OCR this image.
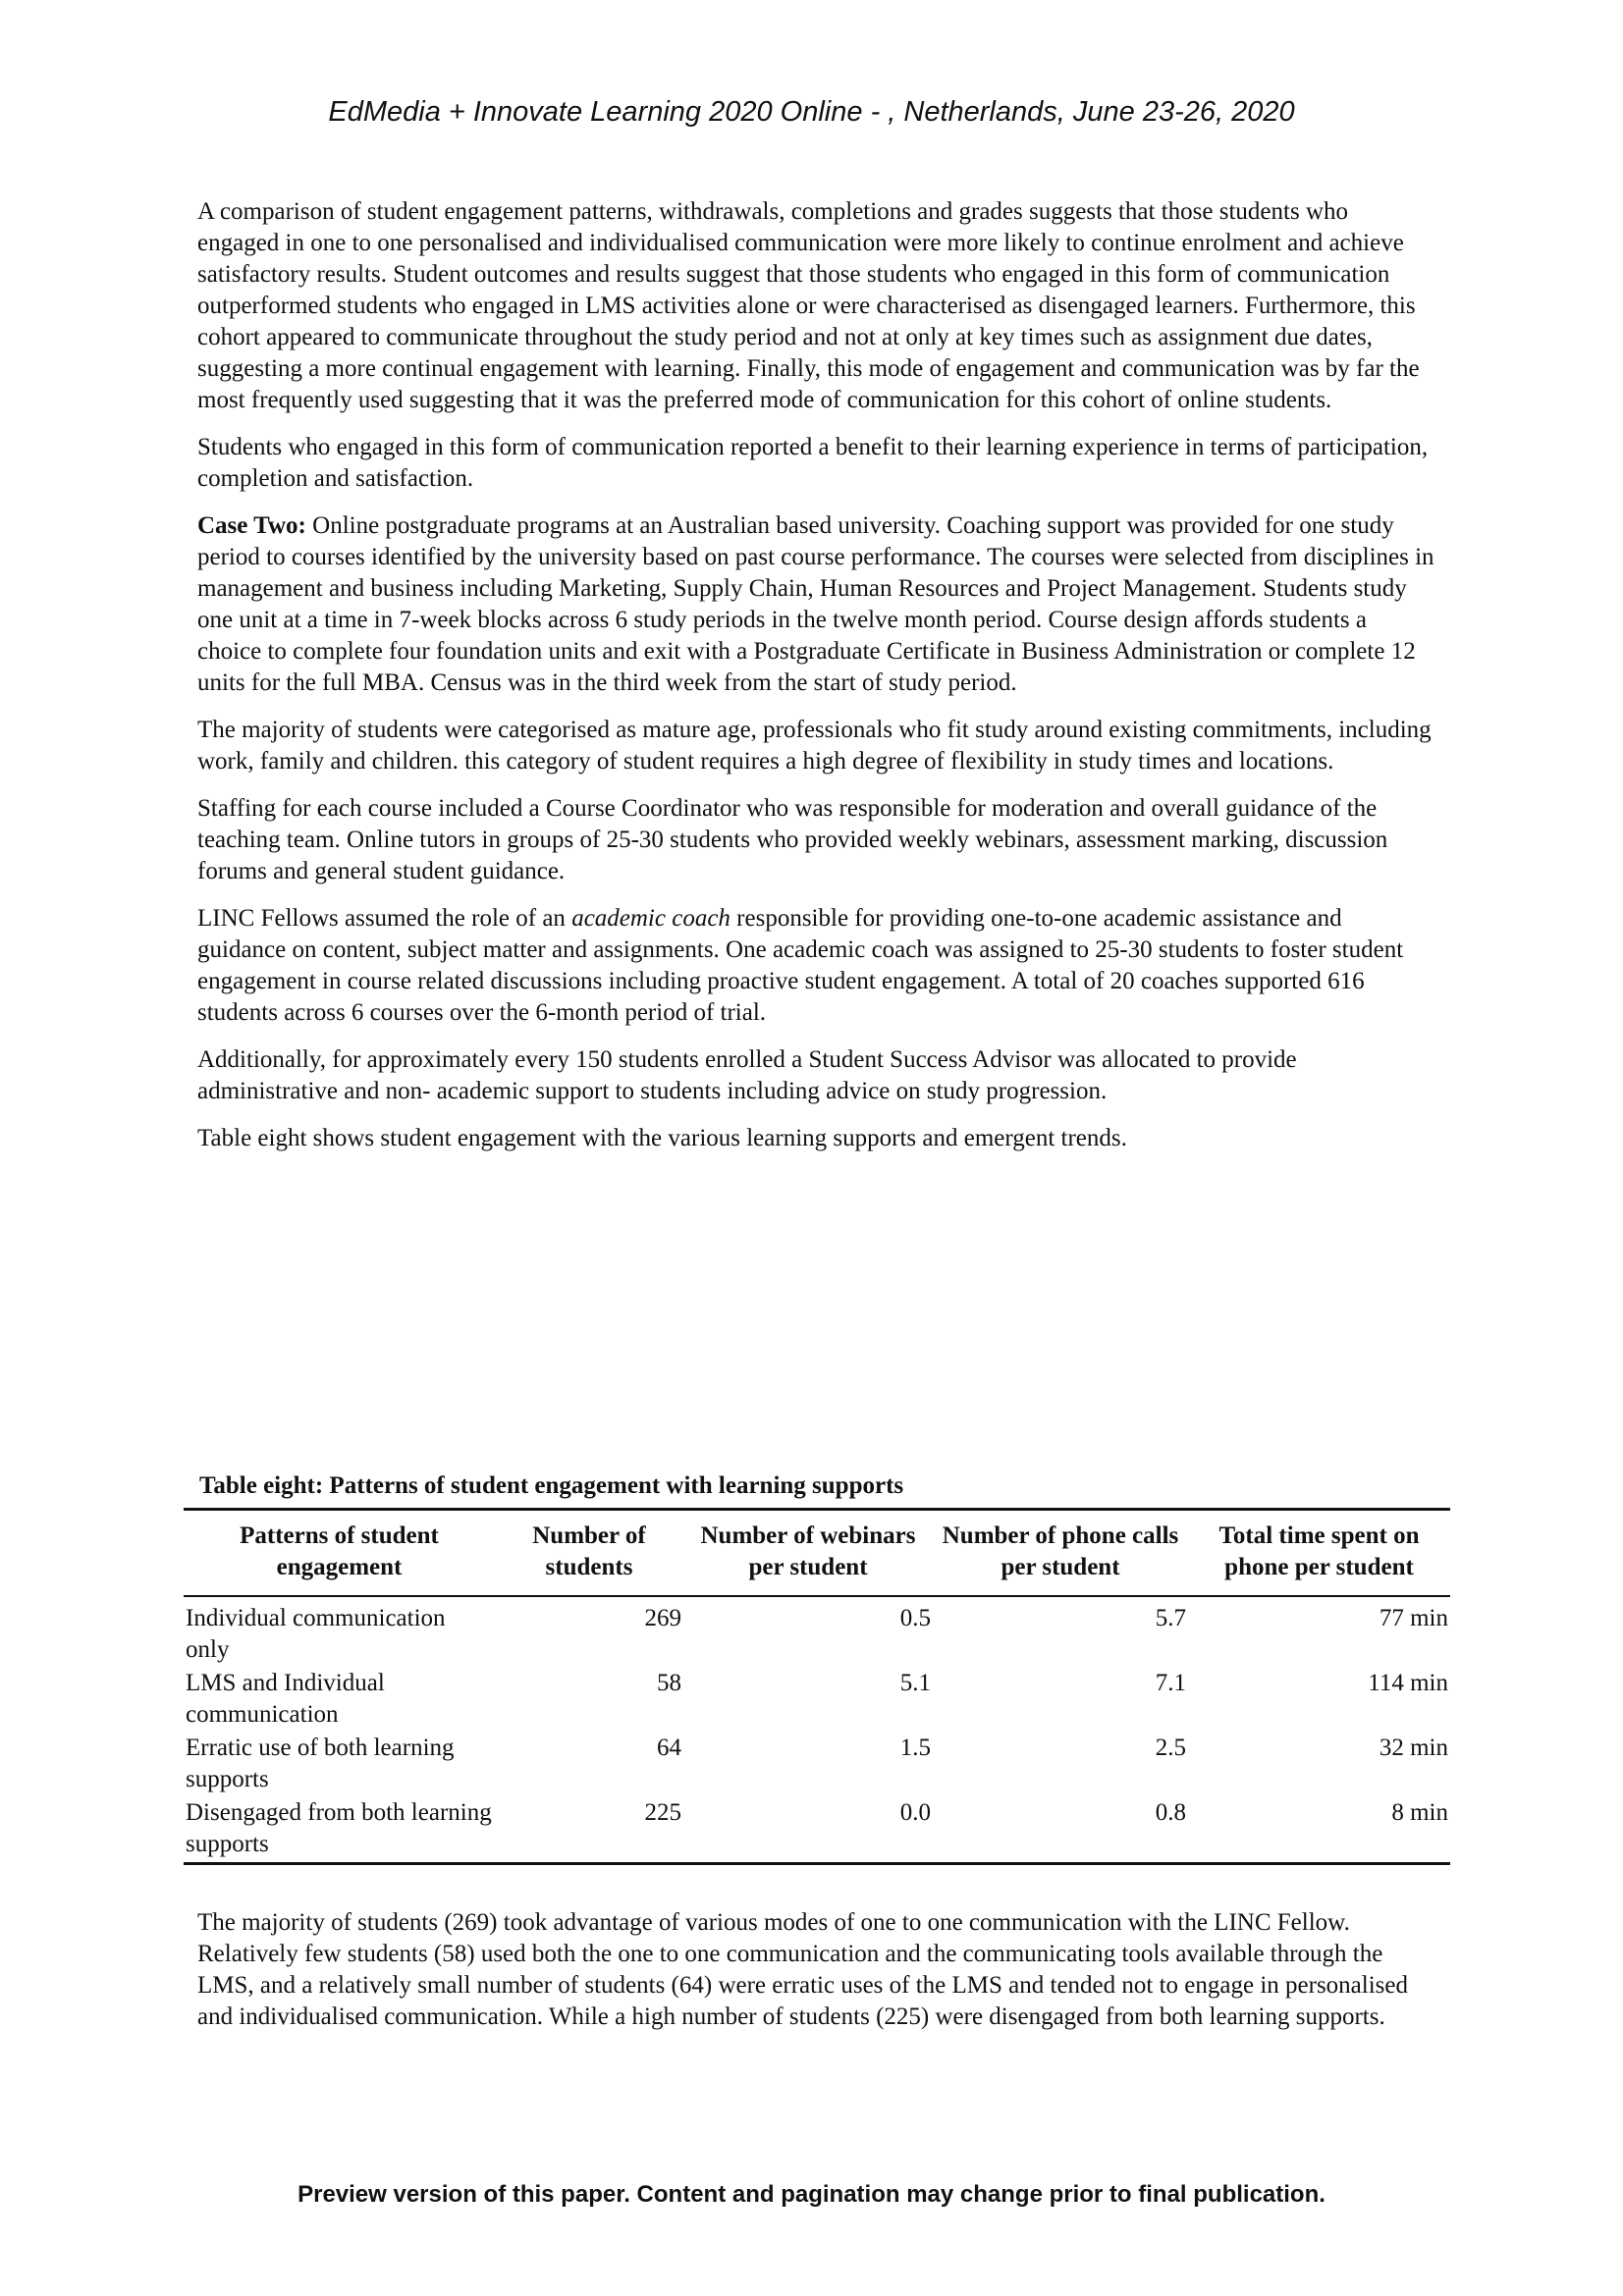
EdMedia + Innovate Learning 2020 Online - , Netherlands, June 23-26, 2020

A comparison of student engagement patterns, withdrawals, completions and grades suggests that those students who engaged in one to one personalised and individualised communication were more likely to continue enrolment and achieve satisfactory results. Student outcomes and results suggest that those students who engaged in this form of communication outperformed students who engaged in LMS activities alone or were characterised as disengaged learners. Furthermore, this cohort appeared to communicate throughout the study period and not at only at key times such as assignment due dates, suggesting a more continual engagement with learning. Finally, this mode of engagement and communication was by far the most frequently used suggesting that it was the preferred mode of communication for this cohort of online students.

Students who engaged in this form of communication reported a benefit to their learning experience in terms of participation, completion and satisfaction.

Case Two: Online postgraduate programs at an Australian based university. Coaching support was provided for one study period to courses identified by the university based on past course performance. The courses were selected from disciplines in management and business including Marketing, Supply Chain, Human Resources and Project Management. Students study one unit at a time in 7-week blocks across 6 study periods in the twelve month period. Course design affords students a choice to complete four foundation units and exit with a Postgraduate Certificate in Business Administration or complete 12 units for the full MBA. Census was in the third week from the start of study period.

The majority of students were categorised as mature age, professionals who fit study around existing commitments, including work, family and children. this category of student requires a high degree of flexibility in study times and locations.

Staffing for each course included a Course Coordinator who was responsible for moderation and overall guidance of the teaching team. Online tutors in groups of 25-30 students who provided weekly webinars, assessment marking, discussion forums and general student guidance.

LINC Fellows assumed the role of an academic coach responsible for providing one-to-one academic assistance and guidance on content, subject matter and assignments. One academic coach was assigned to 25-30 students to foster student engagement in course related discussions including proactive student engagement. A total of 20 coaches supported 616 students across 6 courses over the 6-month period of trial.

Additionally, for approximately every 150 students enrolled a Student Success Advisor was allocated to provide administrative and non- academic support to students including advice on study progression.

Table eight shows student engagement with the various learning supports and emergent trends.

Table eight: Patterns of student engagement with learning supports
Patterns of student engagement	Number of students	Number of webinars per student	Number of phone calls per student	Total time spent on phone per student
Individual communication only	269	0.5	5.7	77 min
LMS and Individual communication	58	5.1	7.1	114 min
Erratic use of both learning supports	64	1.5	2.5	32 min
Disengaged from both learning supports	225	0.0	0.8	8 min

The majority of students (269) took advantage of various modes of one to one communication with the LINC Fellow. Relatively few students (58) used both the one to one communication and the communicating tools available through the LMS, and a relatively small number of students (64) were erratic uses of the LMS and tended not to engage in personalised and individualised communication. While a high number of students (225) were disengaged from both learning supports.

Preview version of this paper. Content and pagination may change prior to final publication.
